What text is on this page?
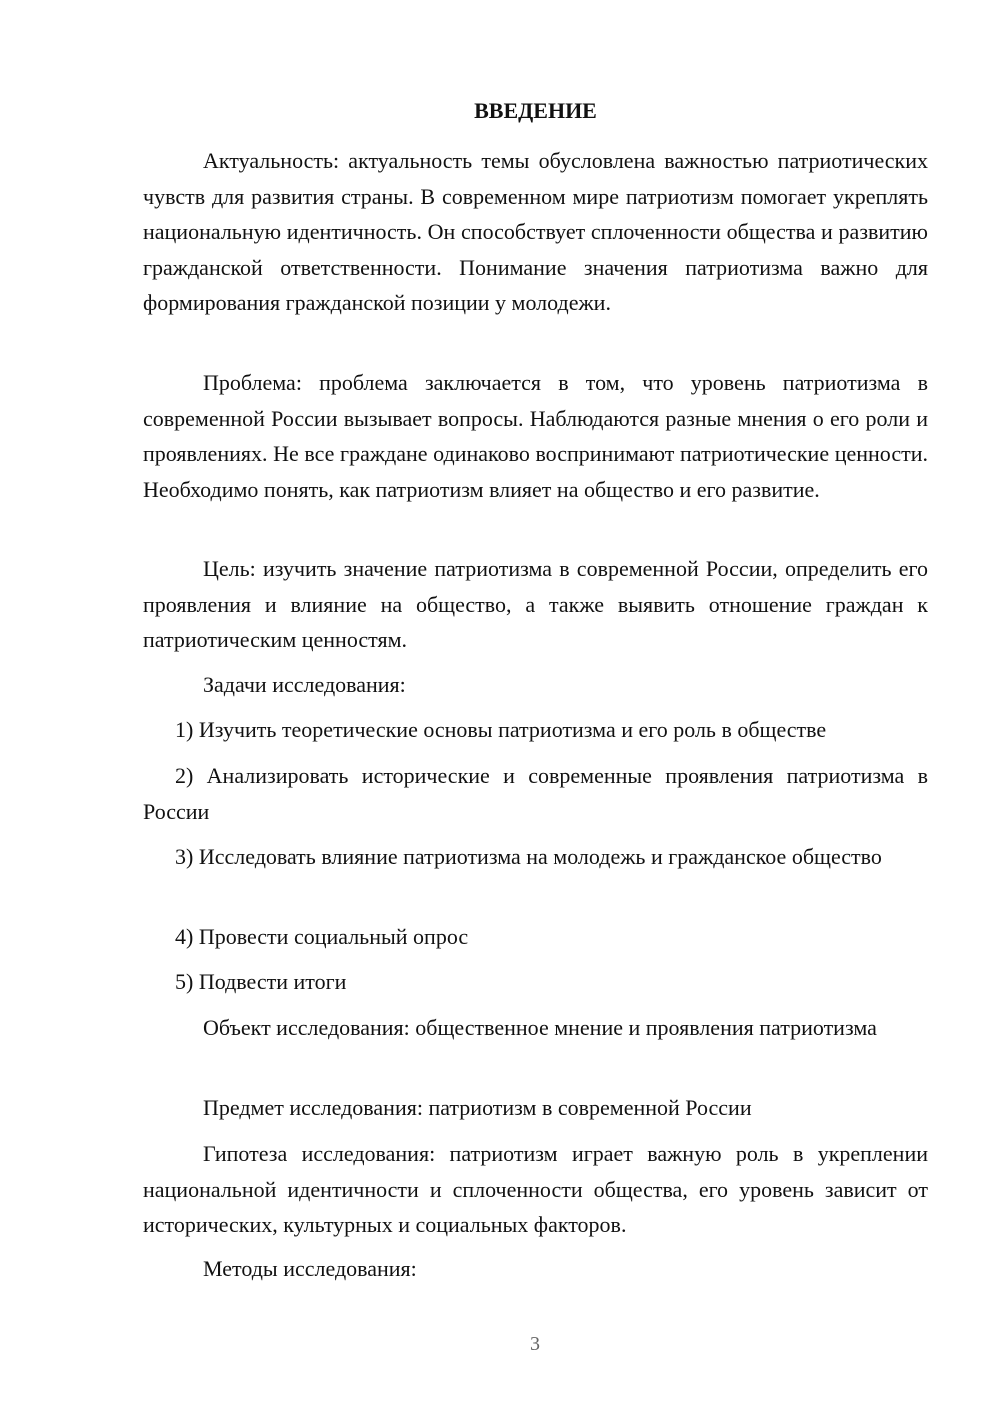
ВВЕДЕНИЕ
Актуальность: актуальность темы обусловлена важностью патриотических чувств для развития страны. В современном мире патриотизм помогает укреплять национальную идентичность. Он способствует сплоченности общества и развитию гражданской ответственности. Понимание значения патриотизма важно для формирования гражданской позиции у молодежи.
Проблема: проблема заключается в том, что уровень патриотизма в современной России вызывает вопросы. Наблюдаются разные мнения о его роли и проявлениях. Не все граждане одинаково воспринимают патриотические ценности. Необходимо понять, как патриотизм влияет на общество и его развитие.
Цель: изучить значение патриотизма в современной России, определить его проявления и влияние на общество, а также выявить отношение граждан к патриотическим ценностям.
Задачи исследования:
1) Изучить теоретические основы патриотизма и его роль в обществе
2) Анализировать исторические и современные проявления патриотизма в России
3) Исследовать влияние патриотизма на молодежь и гражданское общество
4) Провести социальный опрос
5) Подвести итоги
Объект исследования: общественное мнение и проявления патриотизма
Предмет исследования: патриотизм в современной России
Гипотеза исследования: патриотизм играет важную роль в укреплении национальной идентичности и сплоченности общества, его уровень зависит от исторических, культурных и социальных факторов.
Методы исследования:
3
